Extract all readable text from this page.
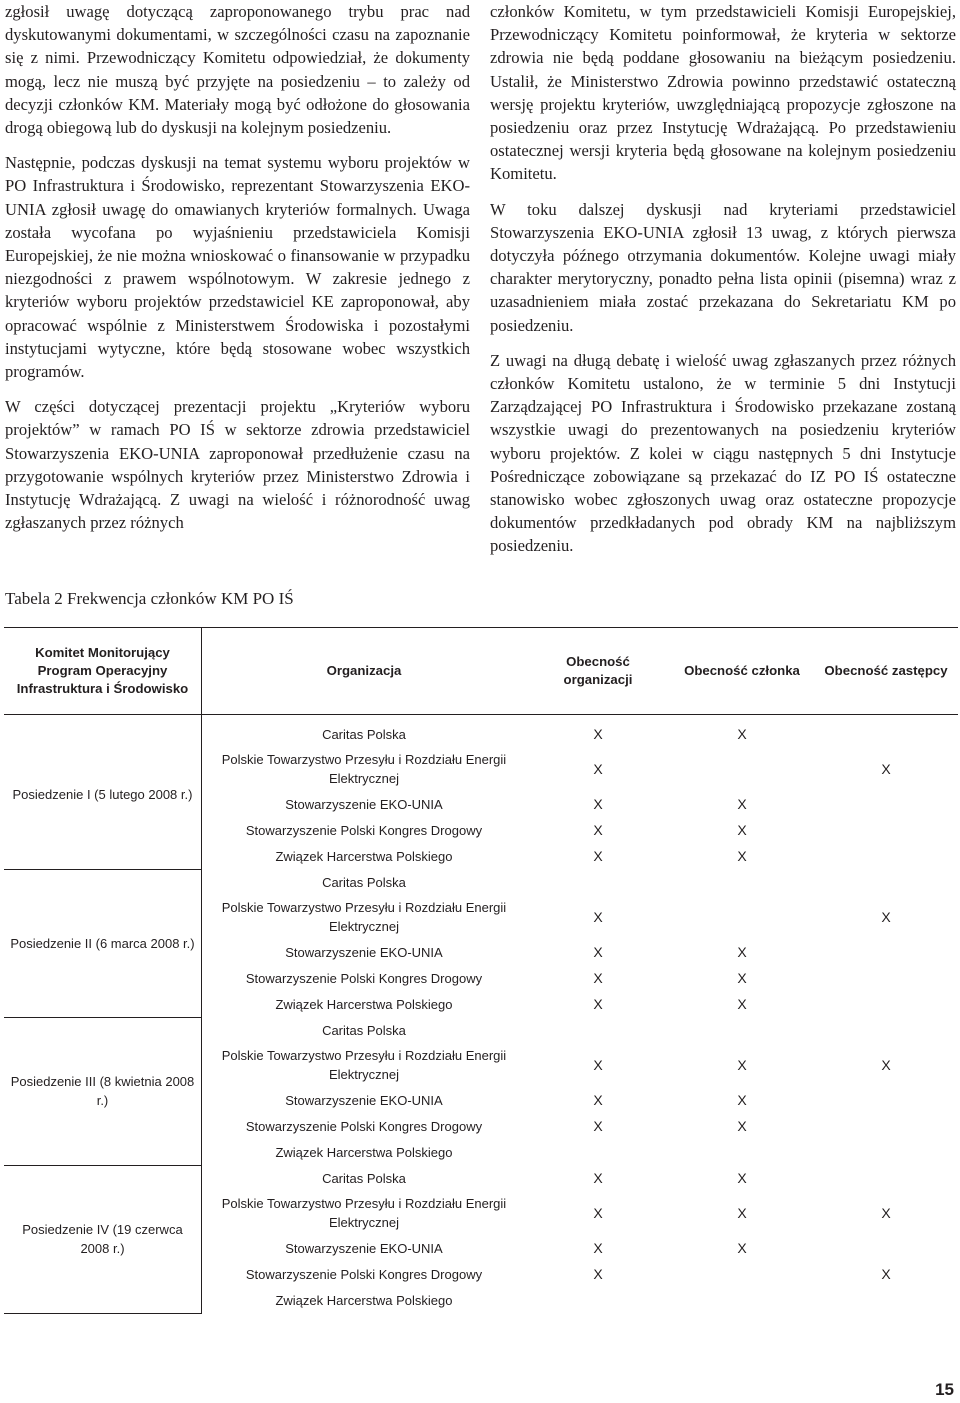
zgłosił uwagę dotyczącą zaproponowanego trybu prac nad dyskutowanymi dokumentami, w szczególności czasu na zapoznanie się z nimi. Przewodniczący Komitetu odpowiedział, że dokumenty mogą, lecz nie muszą być przyjęte na posiedzeniu – to zależy od decyzji członków KM. Materiały mogą być odłożone do głosowania drogą obiegową lub do dyskusji na kolejnym posiedzeniu.

Następnie, podczas dyskusji na temat systemu wyboru projektów w PO Infrastruktura i Środowisko, reprezentant Stowarzyszenia EKO-UNIA zgłosił uwagę do omawianych kryteriów formalnych. Uwaga została wycofana po wyjaśnieniu przedstawiciela Komisji Europejskiej, że nie można wnioskować o finansowanie w przypadku niezgodności z prawem wspólnotowym. W zakresie jednego z kryteriów wyboru projektów przedstawiciel KE zaproponował, aby opracować wspólnie z Ministerstwem Środowiska i pozostałymi instytucjami wytyczne, które będą stosowane wobec wszystkich programów.

W części dotyczącej prezentacji projektu „Kryteriów wyboru projektów” w ramach PO IŚ w sektorze zdrowia przedstawiciel Stowarzyszenia EKO-UNIA zaproponował przedłużenie czasu na przygotowanie wspólnych kryteriów przez Ministerstwo Zdrowia i Instytucję Wdrażającą. Z uwagi na wielość i różnorodność uwag zgłaszanych przez różnych

członków Komitetu, w tym przedstawicieli Komisji Europejskiej, Przewodniczący Komitetu poinformował, że kryteria w sektorze zdrowia nie będą poddane głosowaniu na bieżącym posiedzeniu. Ustalił, że Ministerstwo Zdrowia powinno przedstawić ostateczną wersję projektu kryteriów, uwzględniającą propozycje zgłoszone na posiedzeniu oraz przez Instytucję Wdrażającą. Po przedstawieniu ostatecznej wersji kryteria będą głosowane na kolejnym posiedzeniu Komitetu.

W toku dalszej dyskusji nad kryteriami przedstawiciel Stowarzyszenia EKO-UNIA zgłosił 13 uwag, z których pierwsza dotyczyła późnego otrzymania dokumentów. Kolejne uwagi miały charakter merytoryczny, ponadto pełna lista opinii (pisemna) wraz z uzasadnieniem miała zostać przekazana do Sekretariatu KM po posiedzeniu.

Z uwagi na długą debatę i wielość uwag zgłaszanych przez różnych członków Komitetu ustalono, że w terminie 5 dni Instytucji Zarządzającej PO Infrastruktura i Środowisko przekazane zostaną wszystkie uwagi do prezentowanych na posiedzeniu kryteriów wyboru projektów. Z kolei w ciągu następnych 5 dni Instytucje Pośredniczące zobowiązane są przekazać do IZ PO IŚ ostateczne stanowisko wobec zgłoszonych uwag oraz ostateczne propozycje dokumentów przedkładanych pod obrady KM na najbliższym posiedzeniu.

Tabela 2 Frekwencja członków KM PO IŚ
Komitet Monitorujący Program Operacyjny Infrastruktura i Środowisko	Organizacja	Obecność organizacji	Obecność członka	Obecność zastępcy
Posiedzenie I (5 lutego 2008 r.)	Caritas Polska	X	X	
	Polskie Towarzystwo Przesyłu i Rozdziału Energii Elektrycznej	X		X
	Stowarzyszenie EKO-UNIA	X	X	
	Stowarzyszenie Polski Kongres Drogowy	X	X	
	Związek Harcerstwa Polskiego	X	X	
Posiedzenie II (6 marca 2008 r.)	Caritas Polska			
	Polskie Towarzystwo Przesyłu i Rozdziału Energii Elektrycznej	X		X
	Stowarzyszenie EKO-UNIA	X	X	
	Stowarzyszenie Polski Kongres Drogowy	X	X	
	Związek Harcerstwa Polskiego	X	X	
Posiedzenie III (8 kwietnia 2008 r.)	Caritas Polska			
	Polskie Towarzystwo Przesyłu i Rozdziału Energii Elektrycznej	X	X	X
	Stowarzyszenie EKO-UNIA	X	X	
	Stowarzyszenie Polski Kongres Drogowy	X	X	
	Związek Harcerstwa Polskiego			
Posiedzenie IV (19 czerwca 2008 r.)	Caritas Polska	X	X	
	Polskie Towarzystwo Przesyłu i Rozdziału Energii Elektrycznej	X	X	X
	Stowarzyszenie EKO-UNIA	X	X	
	Stowarzyszenie Polski Kongres Drogowy	X		X
	Związek Harcerstwa Polskiego			
15
